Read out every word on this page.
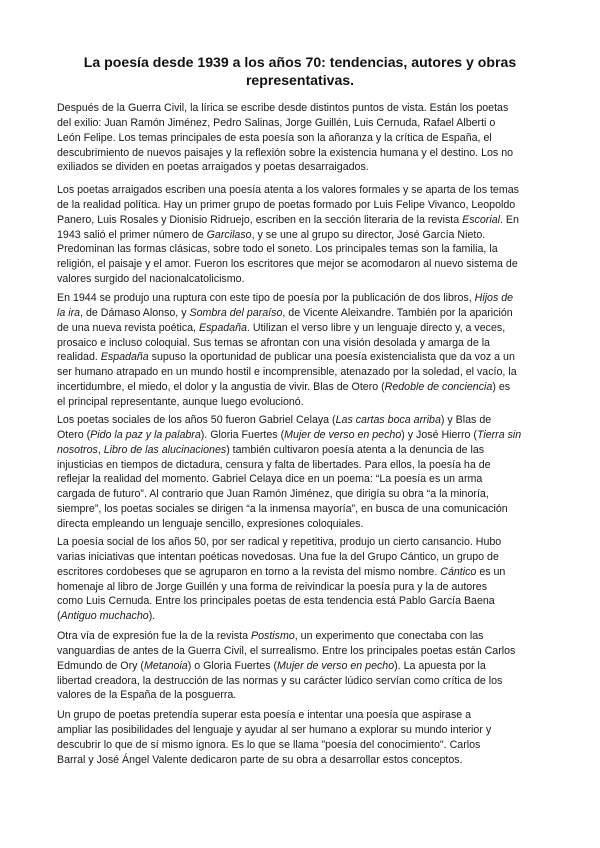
La poesía desde 1939 a los años 70: tendencias, autores y obras
representativas.
Después de la Guerra Civil, la lírica se escribe desde distintos puntos de vista. Están los poetas
del exilio: Juan Ramón Jiménez, Pedro Salinas, Jorge Guillén, Luis Cernuda, Rafael Alberti o
León Felipe. Los temas principales de esta poesía son la añoranza y la crítica de España, el
descubrimiento de nuevos paisajes y la reflexión sobre la existencia humana y el destino. Los no
exiliados se dividen en poetas arraigados y poetas desarraigados.
Los poetas arraigados escriben una poesía atenta a los valores formales y se aparta de los temas
de la realidad política. Hay un primer grupo de poetas formado por Luis Felipe Vivanco, Leopoldo
Panero, Luis Rosales y Dionisio Ridruejo, escriben en la sección literaria de la revista Escorial. En
1943 salió el primer número de Garcilaso, y se une al grupo su director, José García Nieto.
Predominan las formas clásicas, sobre todo el soneto. Los principales temas son la familia, la
religión, el paisaje y el amor. Fueron los escritores que mejor se acomodaron al nuevo sistema de
valores surgido del nacionalcatolicismo.
En 1944 se produjo una ruptura con este tipo de poesía por la publicación de dos libros, Hijos de
la ira, de Dámaso Alonso, y Sombra del paraíso, de Vicente Aleixandre. También por la aparición
de una nueva revista poética, Espadaña. Utilizan el verso libre y un lenguaje directo y, a veces,
prosaico e incluso coloquial. Sus temas se afrontan con una visión desolada y amarga de la
realidad. Espadaña supuso la oportunidad de publicar una poesía existencialista que da voz a un
ser humano atrapado en un mundo hostil e incomprensible, atenazado por la soledad, el vacío, la
incertidumbre, el miedo, el dolor y la angustia de vivir. Blas de Otero (Redoble de conciencia) es
el principal representante, aunque luego evolucionó.
Los poetas sociales de los años 50 fueron Gabriel Celaya (Las cartas boca arriba) y Blas de
Otero (Pido la paz y la palabra). Gloria Fuertes (Mujer de verso en pecho) y José Hierro (Tierra sin
nosotros, Libro de las alucinaciones) también cultivaron poesía atenta a la denuncia de las
injusticias en tiempos de dictadura, censura y falta de libertades. Para ellos, la poesía ha de
reflejar la realidad del momento. Gabriel Celaya dice en un poema: “La poesía es un arma
cargada de futuro”. Al contrario que Juan Ramón Jiménez, que dirigía su obra “a la minoría,
siempre”, los poetas sociales se dirigen “a la inmensa mayoría”, en busca de una comunicación
directa empleando un lenguaje sencillo, expresiones coloquiales.
La poesía social de los años 50, por ser radical y repetitiva, produjo un cierto cansancio. Hubo
varias iniciativas que intentan poéticas novedosas. Una fue la del Grupo Cántico, un grupo de
escritores cordobeses que se agruparon en torno a la revista del mismo nombre. Cántico es un
homenaje al libro de Jorge Guillén y una forma de reivindicar la poesía pura y la de autores
como Luis Cernuda. Entre los principales poetas de esta tendencia está Pablo García Baena
(Antiguo muchacho).
Otra vía de expresión fue la de la revista Postismo, un experimento que conectaba con las
vanguardias de antes de la Guerra Civil, el surrealismo. Entre los principales poetas están Carlos
Edmundo de Ory (Metanoia) o Gloria Fuertes (Mujer de verso en pecho). La apuesta por la
libertad creadora, la destrucción de las normas y su carácter lúdico servían como crítica de los
valores de la España de la posguerra.
Un grupo de poetas pretendía superar esta poesía e intentar una poesía que aspirase a
ampliar las posibilidades del lenguaje y ayudar al ser humano a explorar su mundo interior y
descubrir lo que de sí mismo ignora. Es lo que se llama "poesía del conocimiento". Carlos
Barral y José Ángel Valente dedicaron parte de su obra a desarrollar estos conceptos.
